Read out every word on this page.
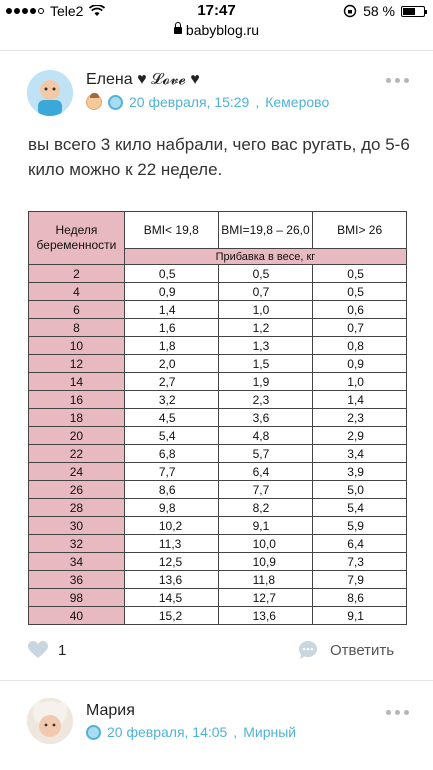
Tele2	17:47	58 %
babyblog.ru
Елена ♥ 𝓛𝓸𝓿𝓮 ♥
20 февраля, 15:29 , Кемерово
вы всего 3 кило набрали, чего вас ругать, до 5-6 кило можно к 22 неделе.
Неделя беременности	BMI< 19,8	BMI=19,8 – 26,0	BMI> 26
	Прибавка в весе, кг		
2	0,5	0,5	0,5
4	0,9	0,7	0,5
6	1,4	1,0	0,6
8	1,6	1,2	0,7
10	1,8	1,3	0,8
12	2,0	1,5	0,9
14	2,7	1,9	1,0
16	3,2	2,3	1,4
18	4,5	3,6	2,3
20	5,4	4,8	2,9
22	6,8	5,7	3,4
24	7,7	6,4	3,9
26	8,6	7,7	5,0
28	9,8	8,2	5,4
30	10,2	9,1	5,9
32	11,3	10,0	6,4
34	12,5	10,9	7,3
36	13,6	11,8	7,9
98	14,5	12,7	8,6
40	15,2	13,6	9,1
1	Ответить
Мария
20 февраля, 14:05 , Мирный
